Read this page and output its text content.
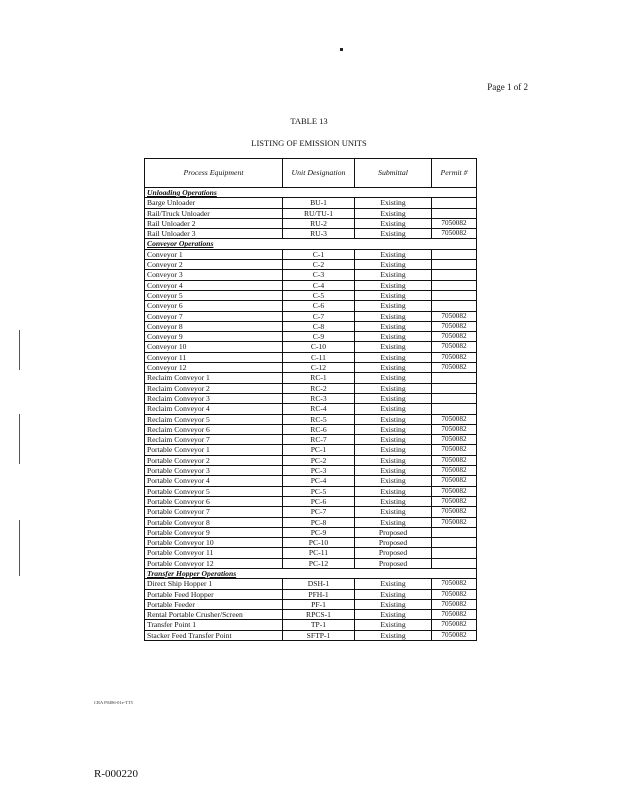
Page 1 of 2
TABLE 13
LISTING OF EMISSION UNITS
Process Equipment	Unit Designation	Submittal	Permit #
Unloading Operations			
Barge Unloader	BU-1	Existing	
Rail/Truck Unloader	RU/TU-1	Existing	
Rail Unloader 2	RU-2	Existing	7050082
Rail Unloader 3	RU-3	Existing	7050082
Conveyor Operations			
Conveyor 1	C-1	Existing	
Conveyor 2	C-2	Existing	
Conveyor 3	C-3	Existing	
Conveyor 4	C-4	Existing	
Conveyor 5	C-5	Existing	
Conveyor 6	C-6	Existing	
Conveyor 7	C-7	Existing	7050082
Conveyor 8	C-8	Existing	7050082
Conveyor 9	C-9	Existing	7050082
Conveyor 10	C-10	Existing	7050082
Conveyor 11	C-11	Existing	7050082
Conveyor 12	C-12	Existing	7050082
Reclaim Conveyor 1	RC-1	Existing	
Reclaim Conveyor 2	RC-2	Existing	
Reclaim Conveyor 3	RC-3	Existing	
Reclaim Conveyor 4	RC-4	Existing	
Reclaim Conveyor 5	RC-5	Existing	7050082
Reclaim Conveyor 6	RC-6	Existing	7050082
Reclaim Conveyor 7	RC-7	Existing	7050082
Portable Conveyor 1	PC-1	Existing	7050082
Portable Conveyor 2	PC-2	Existing	7050082
Portable Conveyor 3	PC-3	Existing	7050082
Portable Conveyor 4	PC-4	Existing	7050082
Portable Conveyor 5	PC-5	Existing	7050082
Portable Conveyor 6	PC-6	Existing	7050082
Portable Conveyor 7	PC-7	Existing	7050082
Portable Conveyor 8	PC-8	Existing	7050082
Portable Conveyor 9	PC-9	Proposed	
Portable Conveyor 10	PC-10	Proposed	
Portable Conveyor 11	PC-11	Proposed	
Portable Conveyor 12	PC-12	Proposed	
Transfer Hopper Operations			
Direct Ship Hopper 1	DSH-1	Existing	7050082
Portable Feed Hopper	PFH-1	Existing	7050082
Portable Feeder	PF-1	Existing	7050082
Rental Portable Crusher/Screen	RPCS-1	Existing	7050082
Transfer Point 1	TP-1	Existing	7050082
Stacker Feed Transfer Point	SFTP-1	Existing	7050082
CRA P0486-01e-TT5
R-000220
